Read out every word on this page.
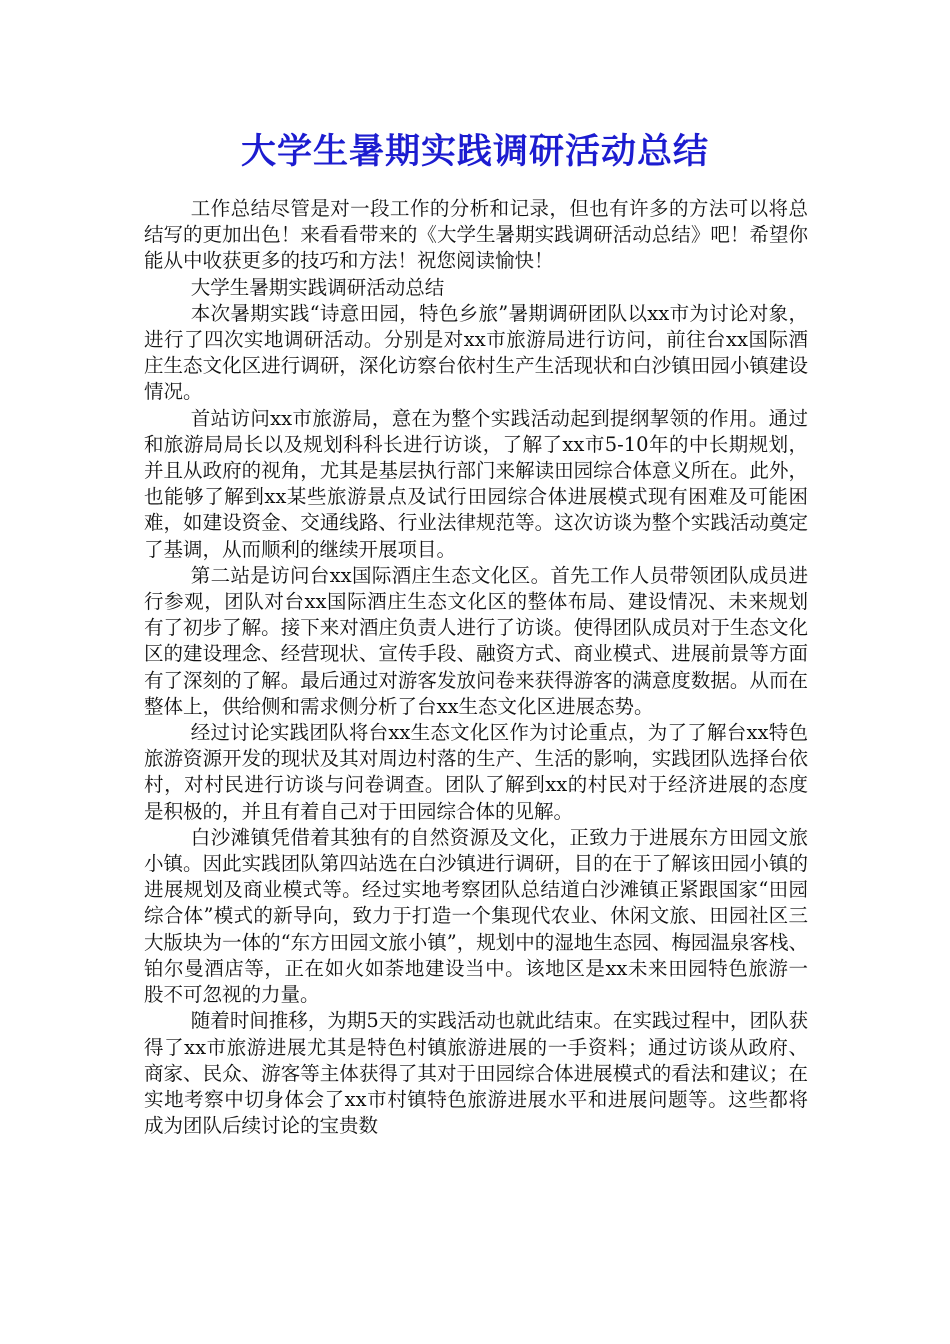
大学生暑期实践调研活动总结

工作总结尽管是对一段工作的分析和记录，但也有许多的方法可以将总结写的更加出色！来看看带来的《大学生暑期实践调研活动总结》吧！希望你能从中收获更多的技巧和方法！祝您阅读愉快！

大学生暑期实践调研活动总结

本次暑期实践“诗意田园，特色乡旅”暑期调研团队以xx市为讨论对象，进行了四次实地调研活动。分别是对xx市旅游局进行访问，前往台xx国际酒庄生态文化区进行调研，深化访察台依村生产生活现状和白沙镇田园小镇建设情况。

首站访问xx市旅游局，意在为整个实践活动起到提纲挈领的作用。通过和旅游局局长以及规划科科长进行访谈，了解了xx市5-10年的中长期规划，并且从政府的视角，尤其是基层执行部门来解读田园综合体意义所在。此外，也能够了解到xx某些旅游景点及试行田园综合体进展模式现有困难及可能困难，如建设资金、交通线路、行业法律规范等。这次访谈为整个实践活动奠定了基调，从而顺利的继续开展项目。

第二站是访问台xx国际酒庄生态文化区。首先工作人员带领团队成员进行参观，团队对台xx国际酒庄生态文化区的整体布局、建设情况、未来规划有了初步了解。接下来对酒庄负责人进行了访谈。使得团队成员对于生态文化区的建设理念、经营现状、宣传手段、融资方式、商业模式、进展前景等方面有了深刻的了解。最后通过对游客发放问卷来获得游客的满意度数据。从而在整体上，供给侧和需求侧分析了台xx生态文化区进展态势。

经过讨论实践团队将台xx生态文化区作为讨论重点，为了了解台xx特色旅游资源开发的现状及其对周边村落的生产、生活的影响，实践团队选择台依村，对村民进行访谈与问卷调查。团队了解到xx的村民对于经济进展的态度是积极的，并且有着自己对于田园综合体的见解。

白沙滩镇凭借着其独有的自然资源及文化，正致力于进展东方田园文旅小镇。因此实践团队第四站选在白沙镇进行调研，目的在于了解该田园小镇的进展规划及商业模式等。经过实地考察团队总结道白沙滩镇正紧跟国家“田园综合体”模式的新导向，致力于打造一个集现代农业、休闲文旅、田园社区三大版块为一体的“东方田园文旅小镇”，规划中的湿地生态园、梅园温泉客栈、铂尔曼酒店等，正在如火如荼地建设当中。该地区是xx未来田园特色旅游一股不可忽视的力量。

随着时间推移，为期5天的实践活动也就此结束。在实践过程中，团队获得了xx市旅游进展尤其是特色村镇旅游进展的一手资料；通过访谈从政府、商家、民众、游客等主体获得了其对于田园综合体进展模式的看法和建议；在实地考察中切身体会了xx市村镇特色旅游进展水平和进展问题等。这些都将成为团队后续讨论的宝贵数
